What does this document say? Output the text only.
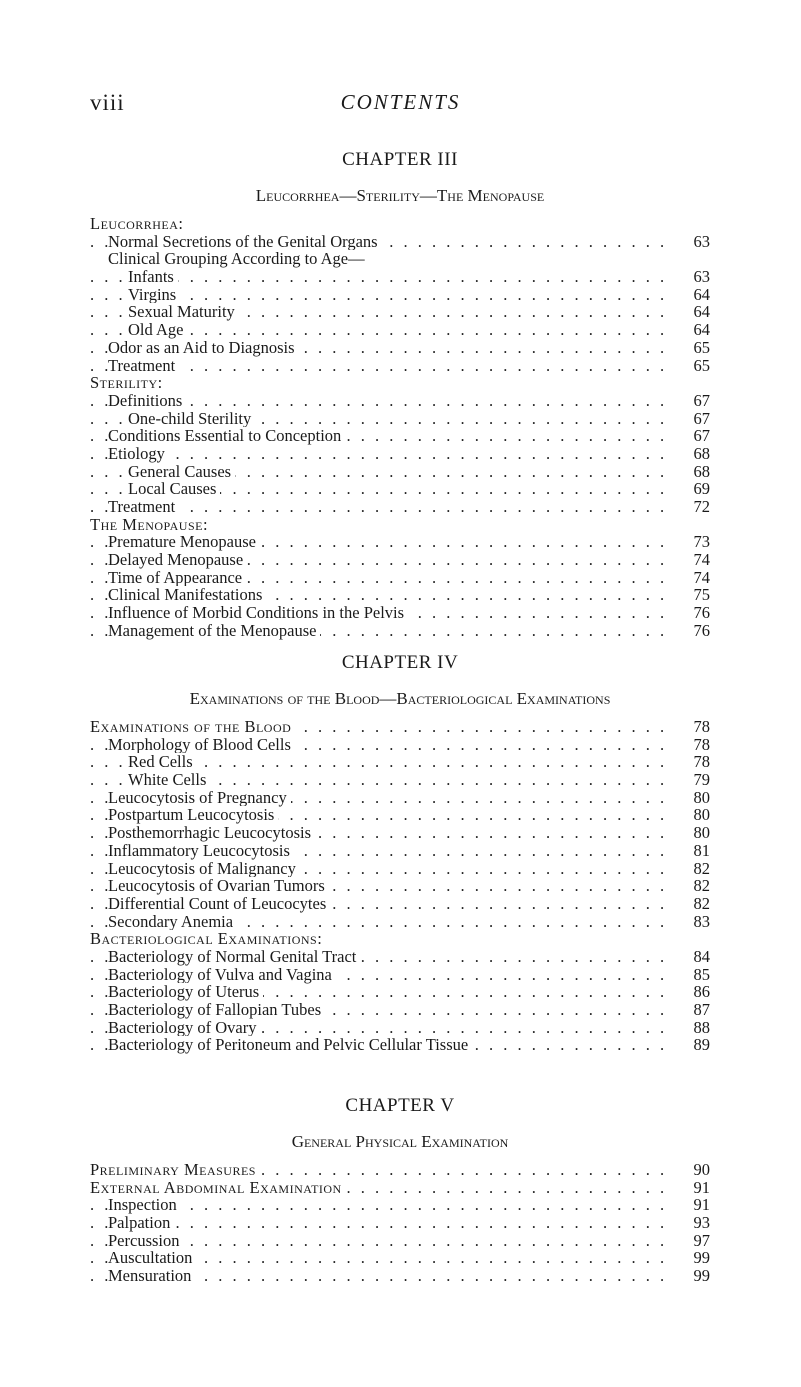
viii	CONTENTS
CHAPTER III
Leucorrhea—Sterility—The Menopause
Leucorrhea:
. . .
Normal Secretions of the Genital Organs	63
Clinical Grouping According to Age—
. . .
Infants	63
. . .
Virgins	64
. . .
Sexual Maturity	64
. . .
Old Age	64
. . .
Odor as an Aid to Diagnosis	65
. . .
Treatment	65
Sterility:
. . .
Definitions	67
. . .
One-child Sterility	67
. . .
Conditions Essential to Conception	67
. . .
Etiology	68
. . .
General Causes	68
. . .
Local Causes	69
. . .
Treatment	72
The Menopause:
. . .
Premature Menopause	73
. . .
Delayed Menopause	74
. . .
Time of Appearance	74
. . .
Clinical Manifestations	75
. . .
Influence of Morbid Conditions in the Pelvis	76
. . .
Management of the Menopause	76
CHAPTER IV
Examinations of the Blood—Bacteriological Examinations
. . .
Examinations of the Blood	78
. . .
Morphology of Blood Cells	78
. . .
Red Cells	78
. . .
White Cells	79
. . .
Leucocytosis of Pregnancy	80
. . .
Postpartum Leucocytosis	80
. . .
Posthemorrhagic Leucocytosis	80
. . .
Inflammatory Leucocytosis	81
. . .
Leucocytosis of Malignancy	82
. . .
Leucocytosis of Ovarian Tumors	82
. . .
Differential Count of Leucocytes	82
. . .
Secondary Anemia	83
Bacteriological Examinations:
. . .
Bacteriology of Normal Genital Tract	84
. . .
Bacteriology of Vulva and Vagina	85
. . .
Bacteriology of Uterus	86
. . .
Bacteriology of Fallopian Tubes	87
. . .
Bacteriology of Ovary	88
. . .
Bacteriology of Peritoneum and Pelvic Cellular Tissue	89
CHAPTER V
General Physical Examination
. . .
Preliminary Measures	90
. . .
External Abdominal Examination	91
. . .
Inspection	91
. . .
Palpation	93
. . .
Percussion	97
. . .
Auscultation	99
. . .
Mensuration	99
